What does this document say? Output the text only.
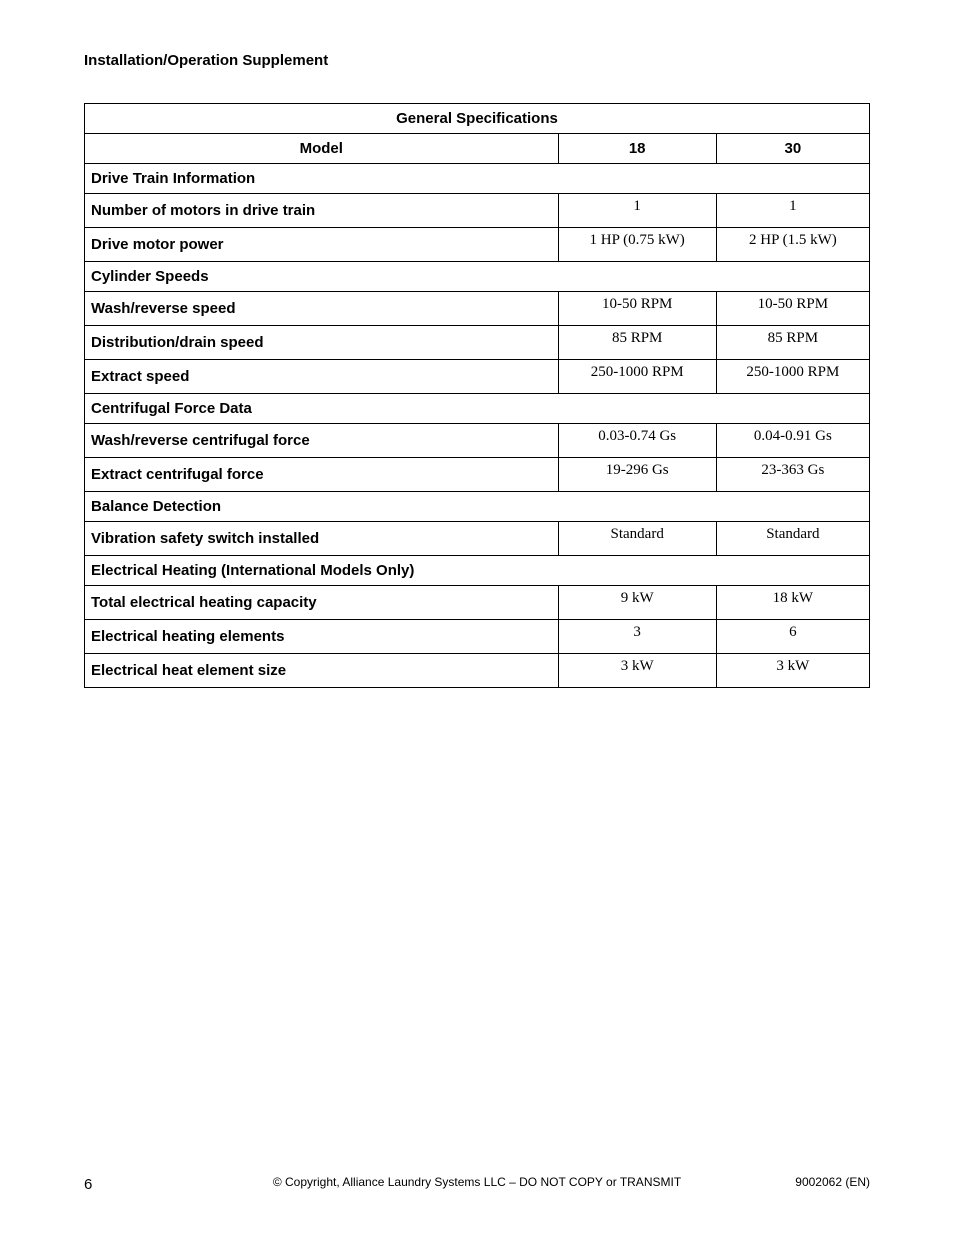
Installation/Operation Supplement
General Specifications		
Model	18	30
Drive Train Information		
Number of motors in drive train	1	1
Drive motor power	1 HP (0.75 kW)	2 HP (1.5 kW)
Cylinder Speeds		
Wash/reverse speed	10-50 RPM	10-50 RPM
Distribution/drain speed	85 RPM	85 RPM
Extract speed	250-1000 RPM	250-1000 RPM
Centrifugal Force Data		
Wash/reverse centrifugal force	0.03-0.74 Gs	0.04-0.91 Gs
Extract centrifugal force	19-296 Gs	23-363 Gs
Balance Detection		
Vibration safety switch installed	Standard	Standard
Electrical Heating (International Models Only)		
Total electrical heating capacity	9 kW	18 kW
Electrical heating elements	3	6
Electrical heat element size	3 kW	3 kW
6	© Copyright, Alliance Laundry Systems LLC – DO NOT COPY or TRANSMIT	9002062 (EN)
